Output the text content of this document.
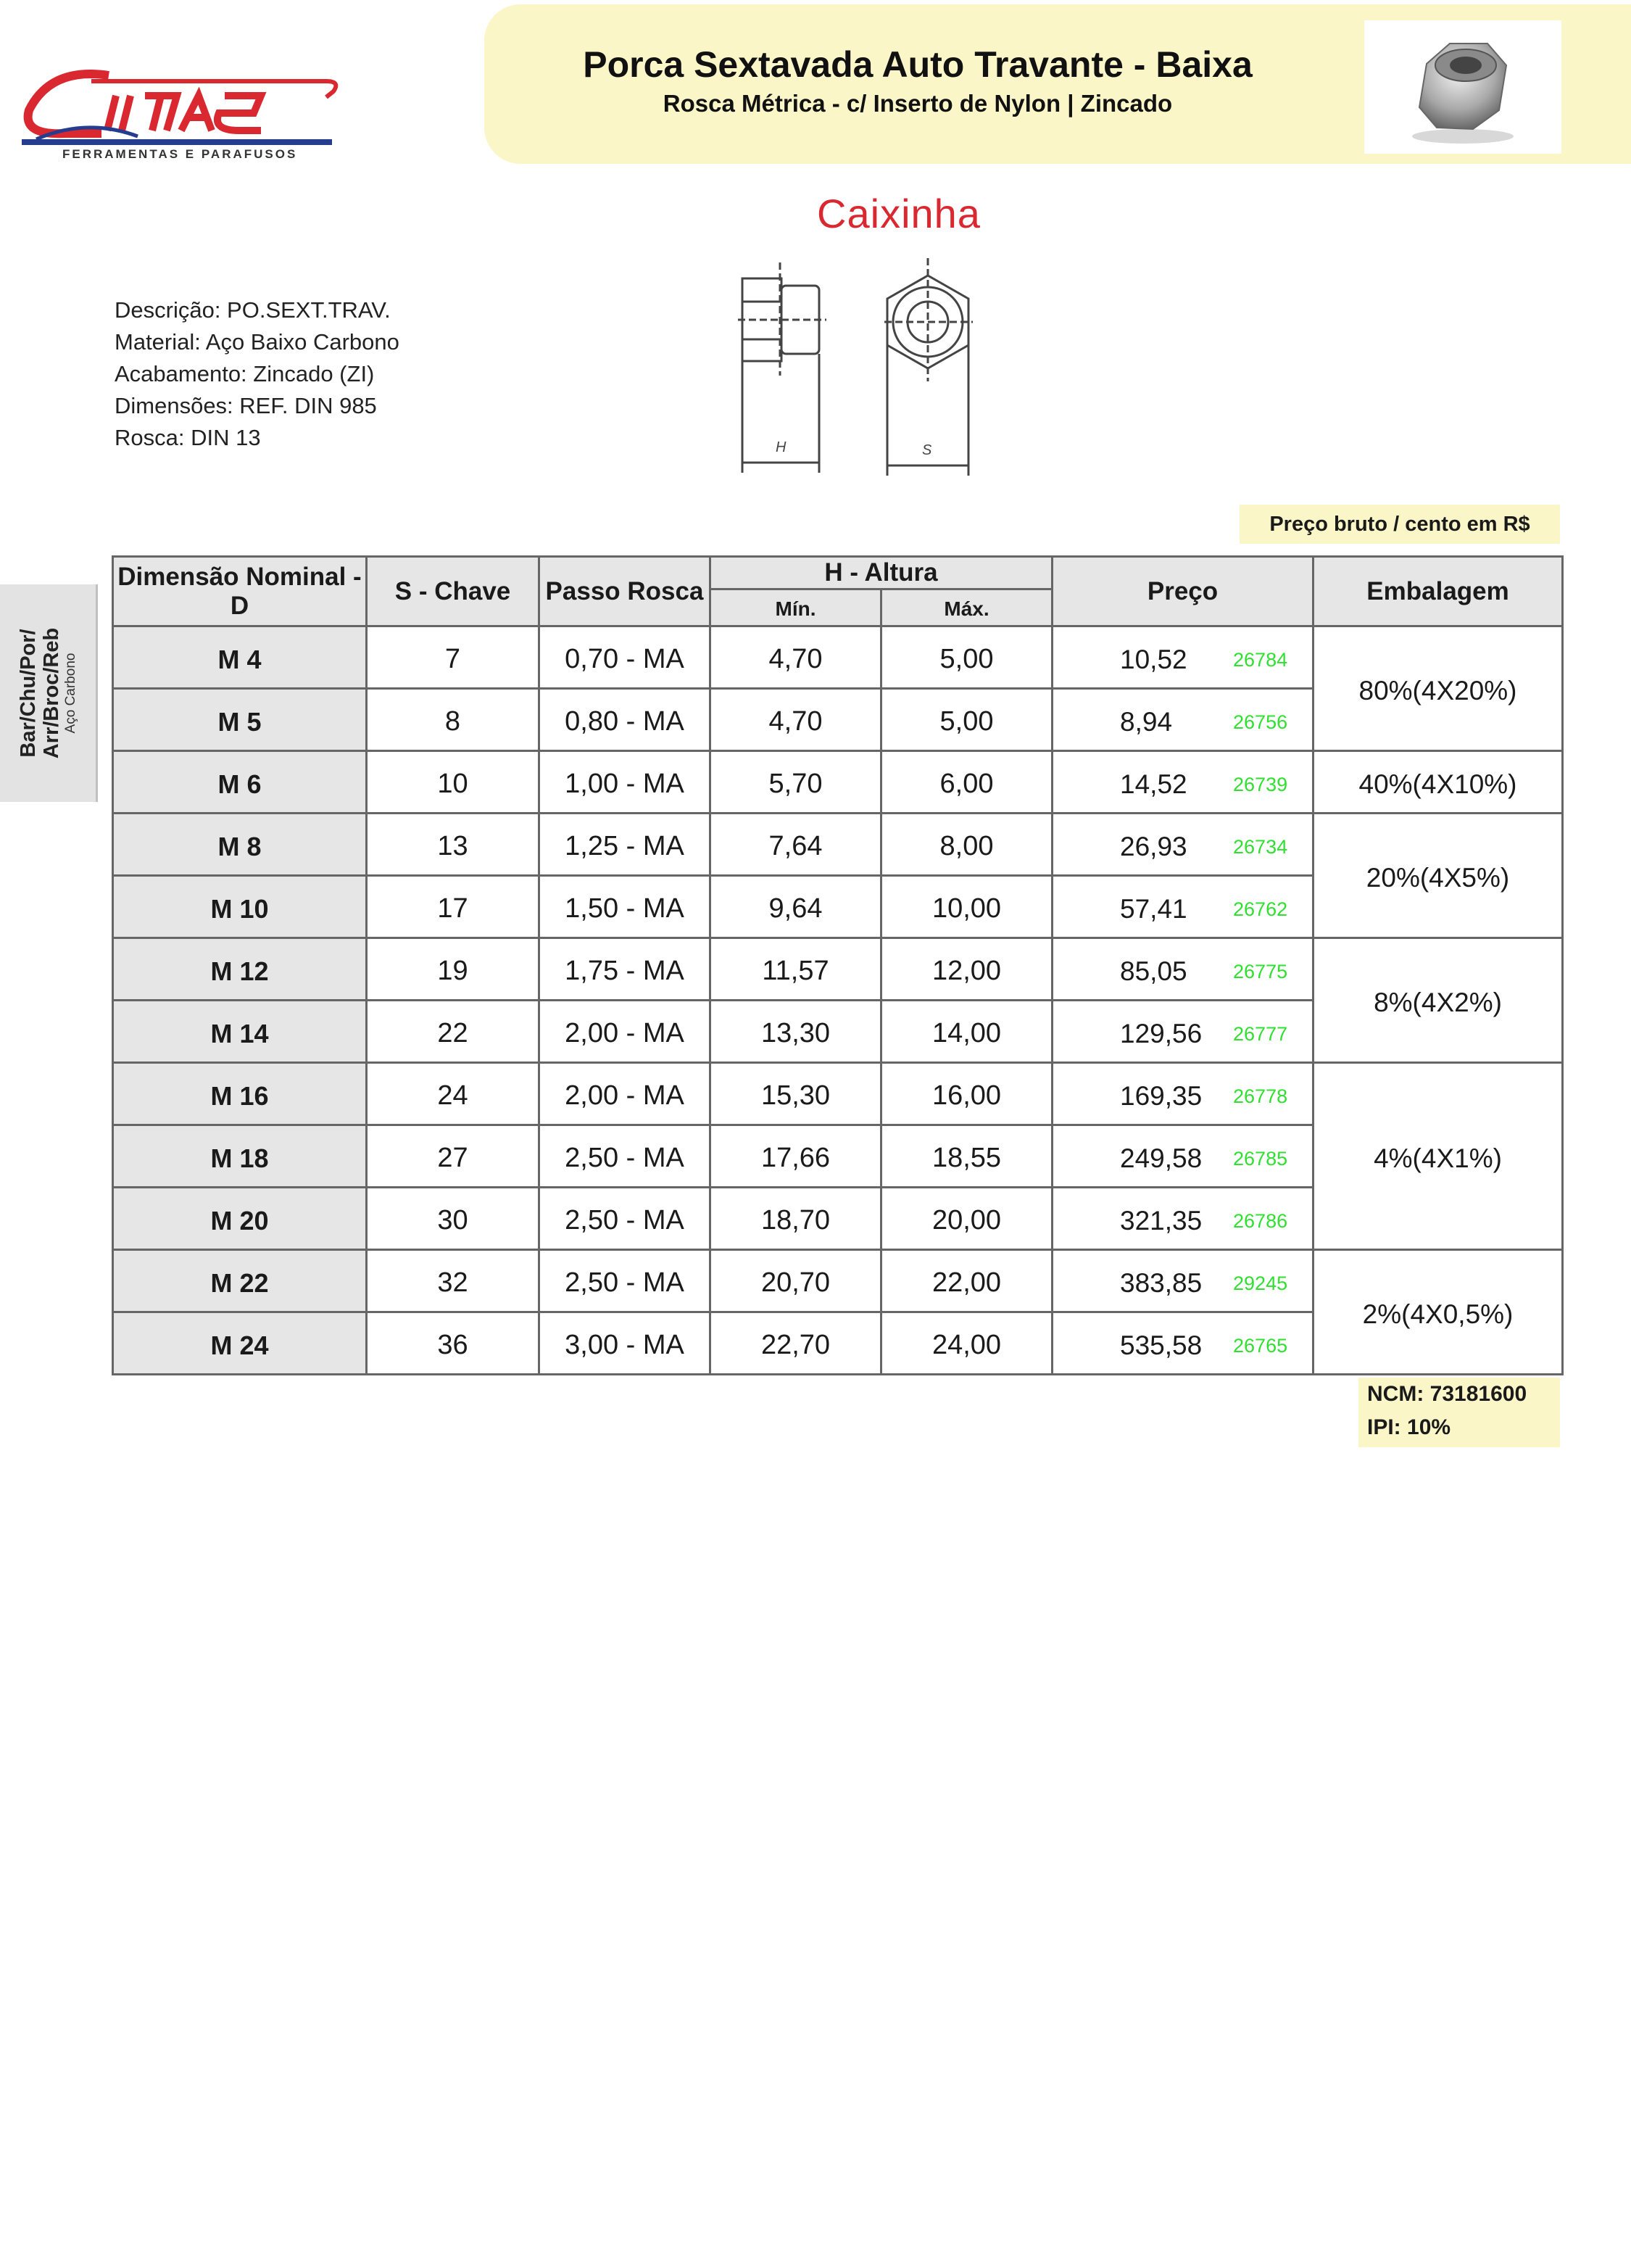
FERRAMENTAS E PARAFUSOS
Porca Sextavada Auto Travante - Baixa
Rosca Métrica - c/ Inserto de Nylon | Zincado
Caixinha
Descrição: PO.SEXT.TRAV.
Material: Aço Baixo Carbono
Acabamento: Zincado (ZI)
Dimensões: REF. DIN 985
Rosca: DIN 13	H	S
Preço bruto / cento em R$
Bar/Chu/Por/ Arr/Broc/Reb Aço Carbono
Dimensão Nominal - D	S - Chave	Passo Rosca	H - Altura		Preço	Embalagem
			Mín.	Máx.		
M 4	7	0,70 - MA	4,70	5,00	10,52 26784	80%(4X20%)
M 5	8	0,80 - MA	4,70	5,00	8,94 26756	
M 6	10	1,00 - MA	5,70	6,00	14,52 26739	40%(4X10%)
M 8	13	1,25 - MA	7,64	8,00	26,93 26734	20%(4X5%)
M 10	17	1,50 - MA	9,64	10,00	57,41 26762	
M 12	19	1,75 - MA	11,57	12,00	85,05 26775	8%(4X2%)
M 14	22	2,00 - MA	13,30	14,00	129,56 26777	
M 16	24	2,00 - MA	15,30	16,00	169,35 26778	4%(4X1%)
M 18	27	2,50 - MA	17,66	18,55	249,58 26785	
M 20	30	2,50 - MA	18,70	20,00	321,35 26786	
M 22	32	2,50 - MA	20,70	22,00	383,85 29245	2%(4X0,5%)
M 24	36	3,00 - MA	22,70	24,00	535,58 26765	
NCM: 73181600
IPI: 10%
